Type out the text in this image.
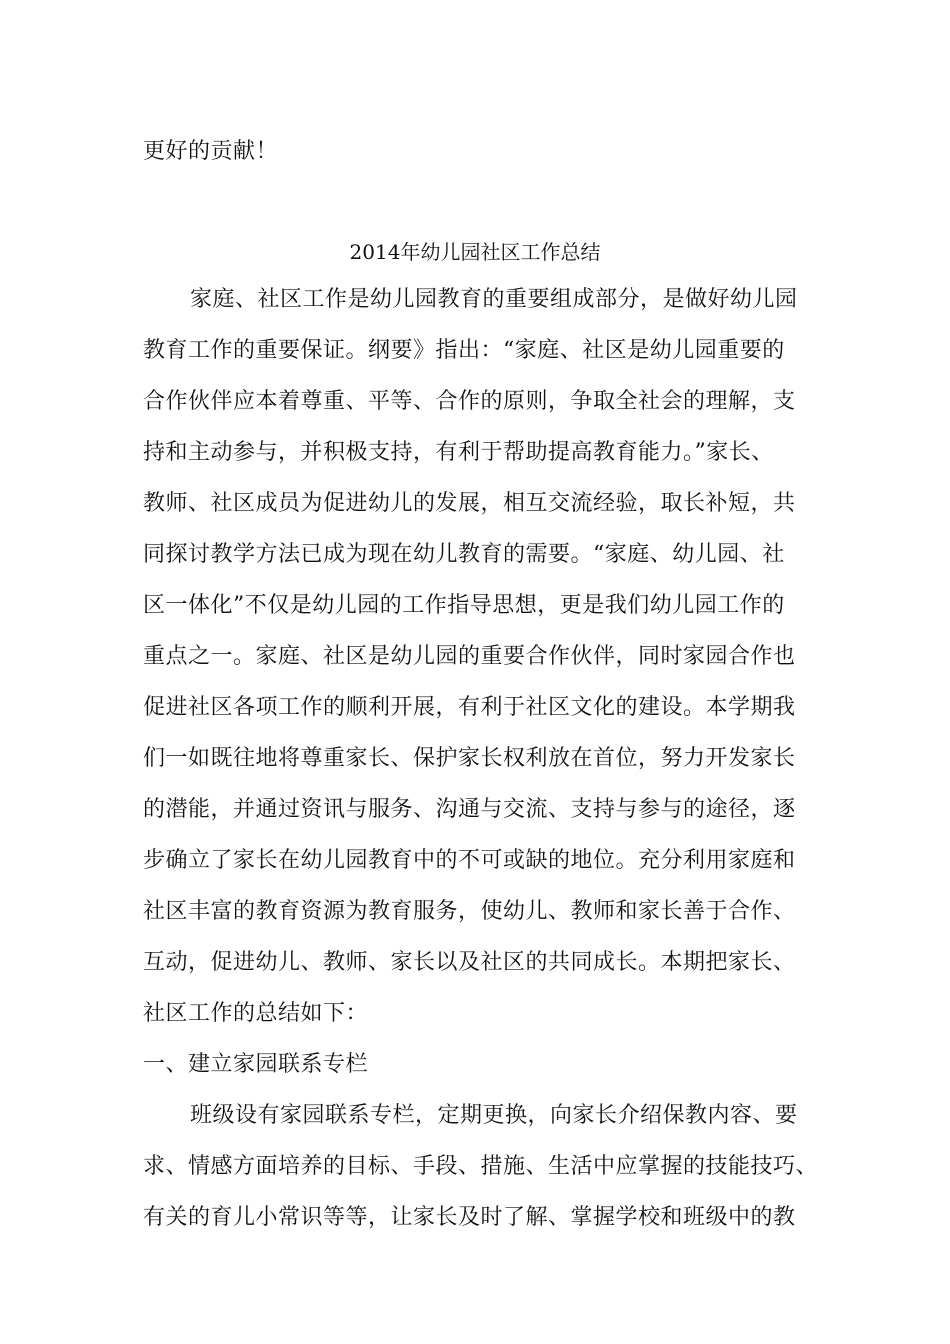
更好的贡献！
2014年幼儿园社区工作总结
家庭、社区工作是幼儿园教育的重要组成部分，是做好幼儿园
教育工作的重要保证。纲要》指出：“家庭、社区是幼儿园重要的
合作伙伴应本着尊重、平等、合作的原则，争取全社会的理解，支
持和主动参与，并积极支持，有利于帮助提高教育能力。”家长、
教师、社区成员为促进幼儿的发展，相互交流经验，取长补短，共
同探讨教学方法已成为现在幼儿教育的需要。“家庭、幼儿园、社
区一体化”不仅是幼儿园的工作指导思想，更是我们幼儿园工作的
重点之一。家庭、社区是幼儿园的重要合作伙伴，同时家园合作也
促进社区各项工作的顺利开展，有利于社区文化的建设。本学期我
们一如既往地将尊重家长、保护家长权利放在首位，努力开发家长
的潜能，并通过资讯与服务、沟通与交流、支持与参与的途径，逐
步确立了家长在幼儿园教育中的不可或缺的地位。充分利用家庭和
社区丰富的教育资源为教育服务，使幼儿、教师和家长善于合作、
互动，促进幼儿、教师、家长以及社区的共同成长。本期把家长、
社区工作的总结如下：
一、建立家园联系专栏
班级设有家园联系专栏，定期更换，向家长介绍保教内容、要
求、情感方面培养的目标、手段、措施、生活中应掌握的技能技巧、
有关的育儿小常识等等，让家长及时了解、掌握学校和班级中的教
